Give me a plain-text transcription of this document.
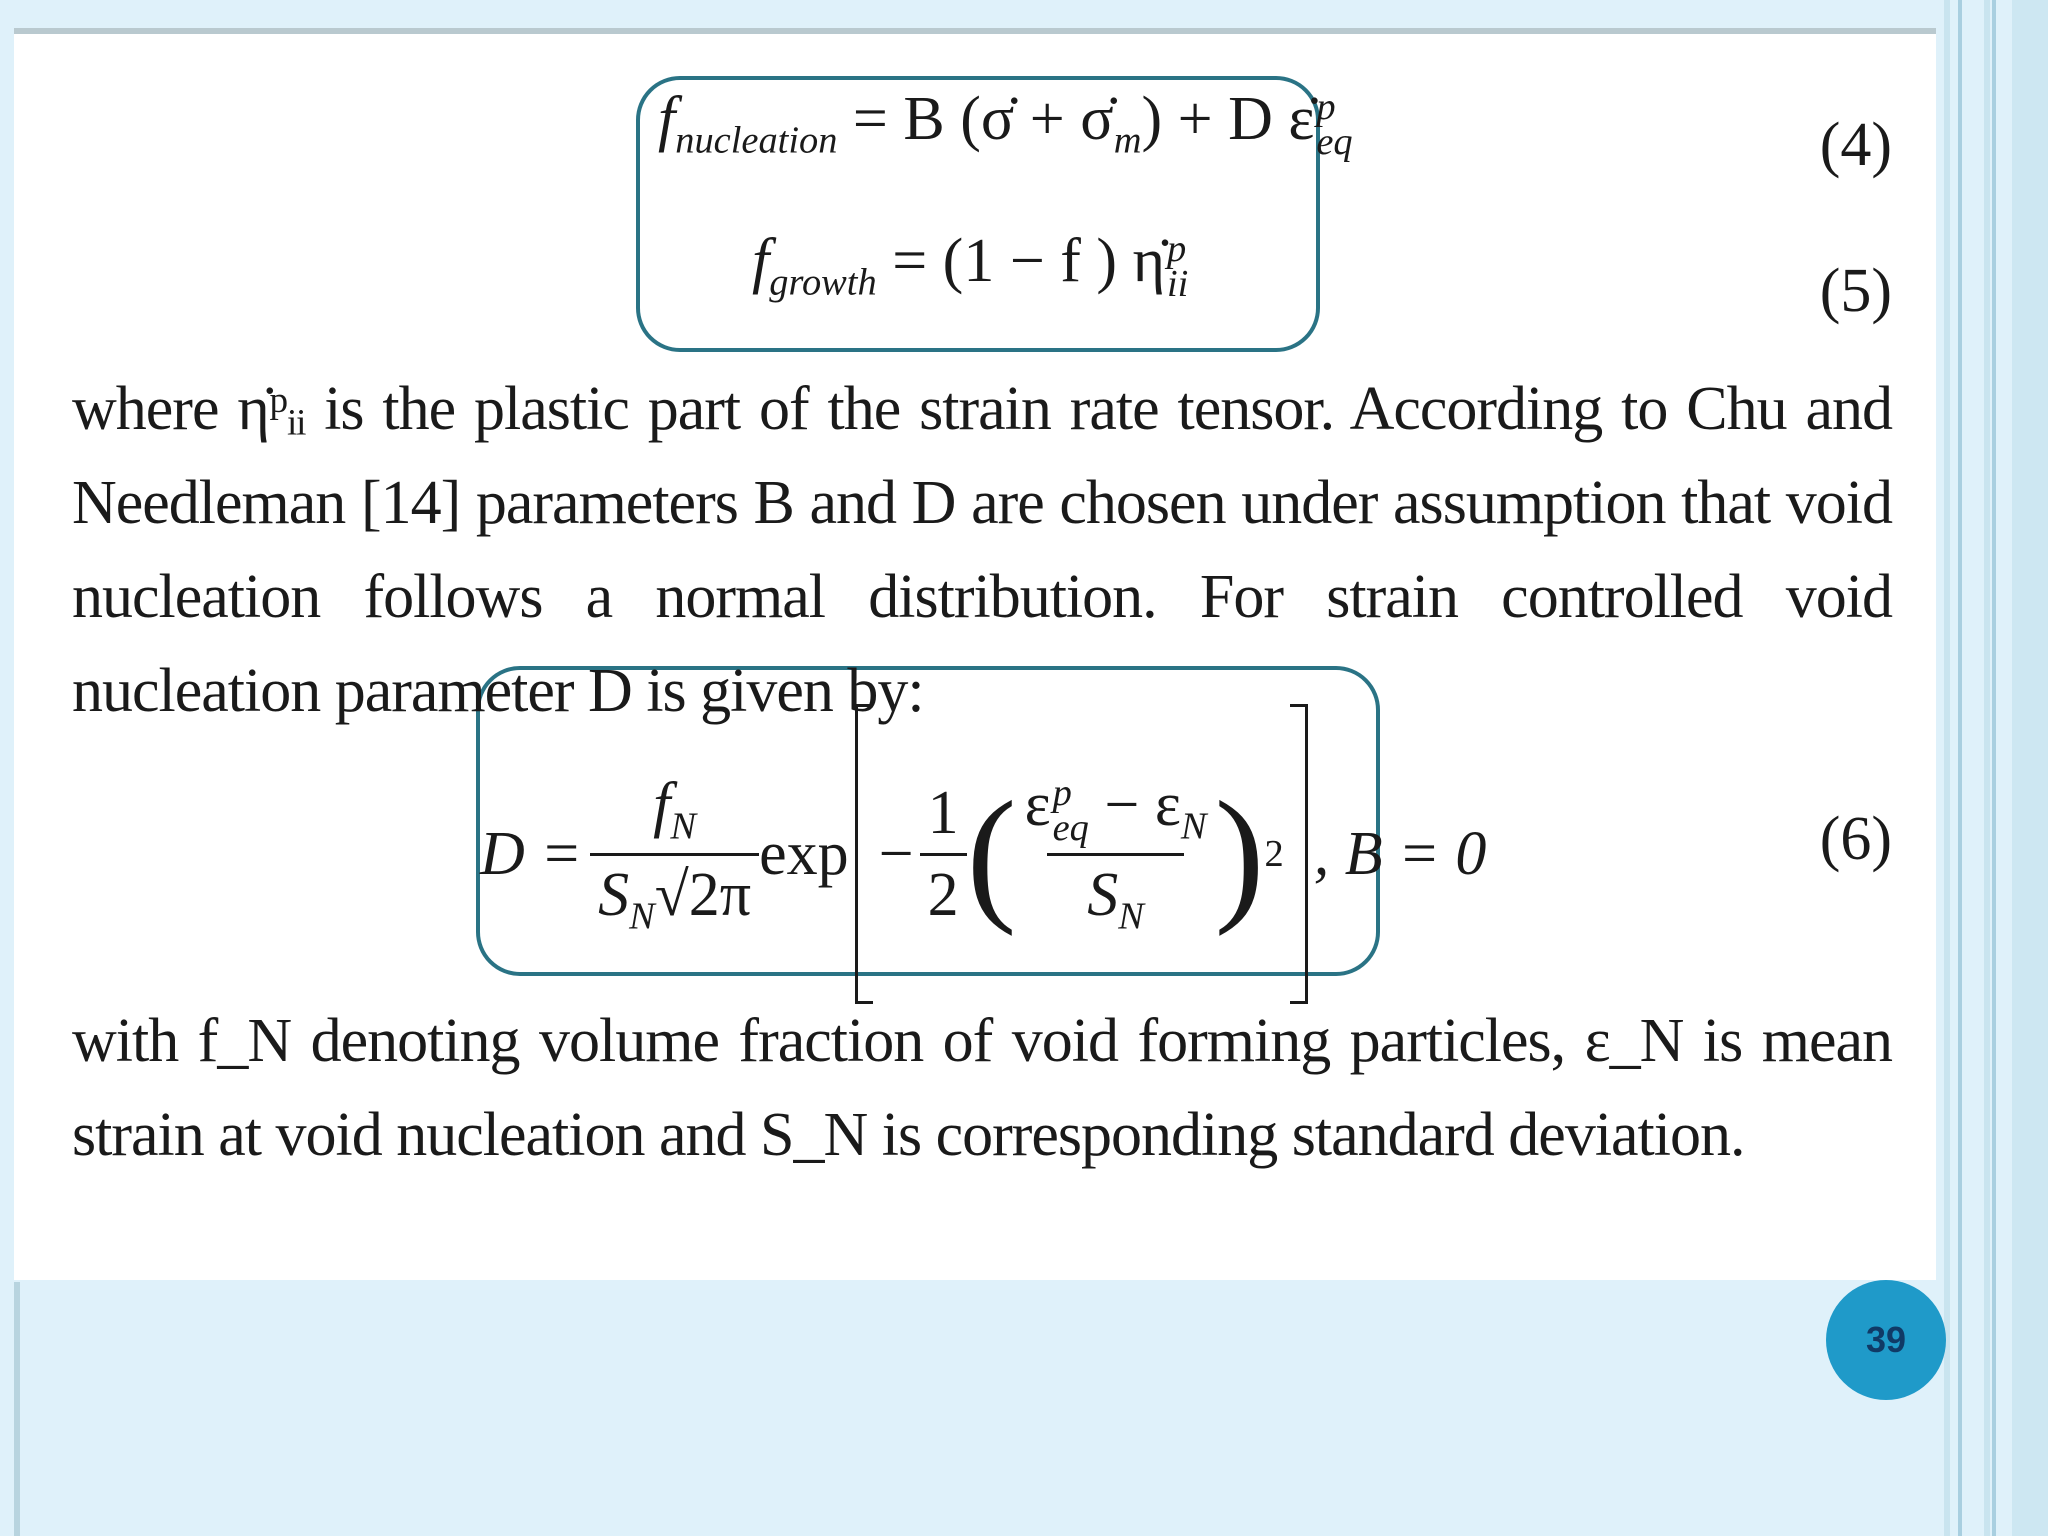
$f_{nucleation} = B$ (σ̇ + $\sigmȧ_m) + D$ ε̇ p
eq	(4)
$f_{growth} = (1 - f$ ) η̇ p
ii	(5)
where η̇ᵖᵢᵢ is the plastic part of the strain rate tensor. According to Chu and Needleman [14] parameters B and D are chosen under assumption that void nucleation follows a normal distribution. For strain controlled void nucleation parameter D is given by:
$D = \frac{f_N}{S_N√2\pi}$ $\exp - \frac{1}{2}$ ( ε p
eq − $\varepsilon_N$
$S_N$ ) 2 , B = 0	(6)
with f_N denoting volume fraction of void forming particles, ε_N is mean strain at void nucleation and S_N is corresponding standard deviation.
39
